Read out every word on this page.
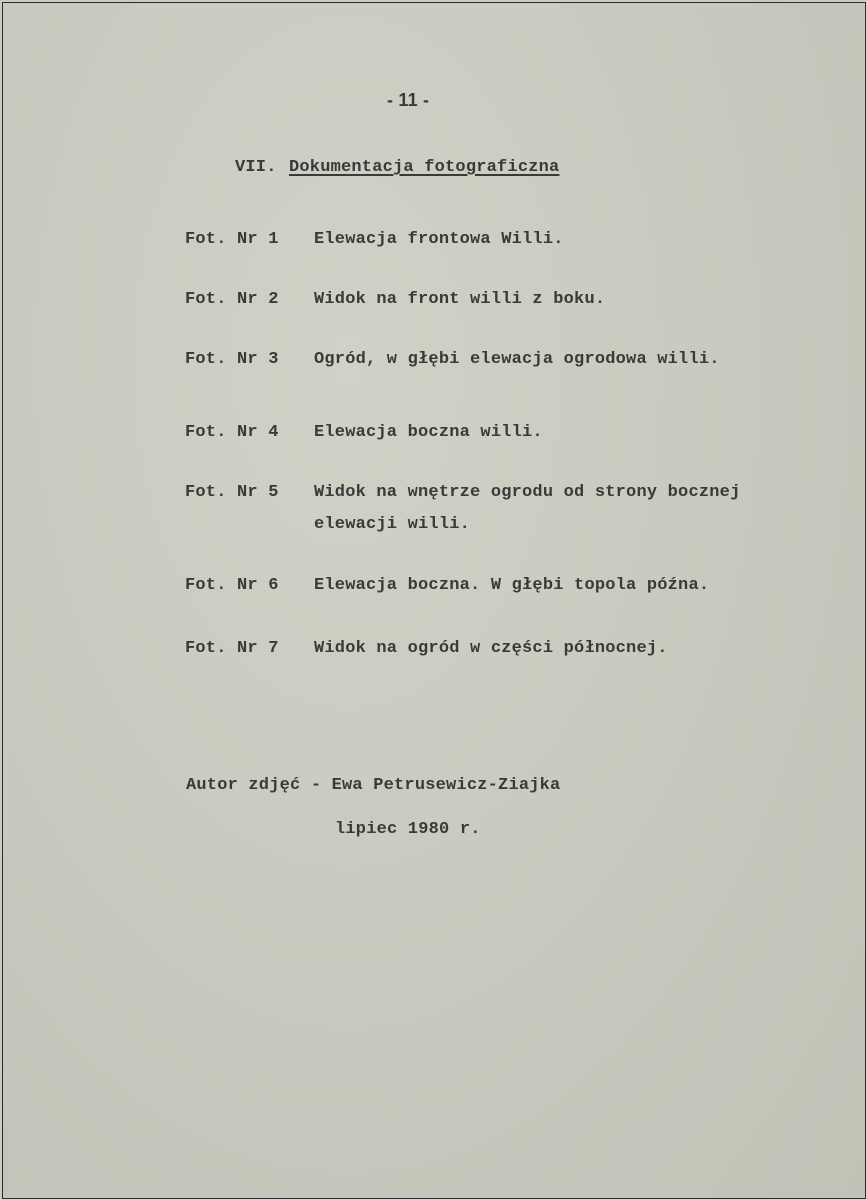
- 11 -
VII. Dokumentacja fotograficzna
Fot. Nr 1 Elewacja frontowa Willi.
Fot. Nr 2 Widok na front willi z boku.
Fot. Nr 3 Ogród, w głębi elewacja ogrodowa willi.
Fot. Nr 4 Elewacja boczna willi.
Fot. Nr 5 Widok na wnętrze ogrodu od strony bocznej
elewacji willi.
Fot. Nr 6 Elewacja boczna. W głębi topola późna.
Fot. Nr 7 Widok na ogród w części północnej.
Autor zdjęć - Ewa Petrusewicz-Ziajka
lipiec 1980 r.
